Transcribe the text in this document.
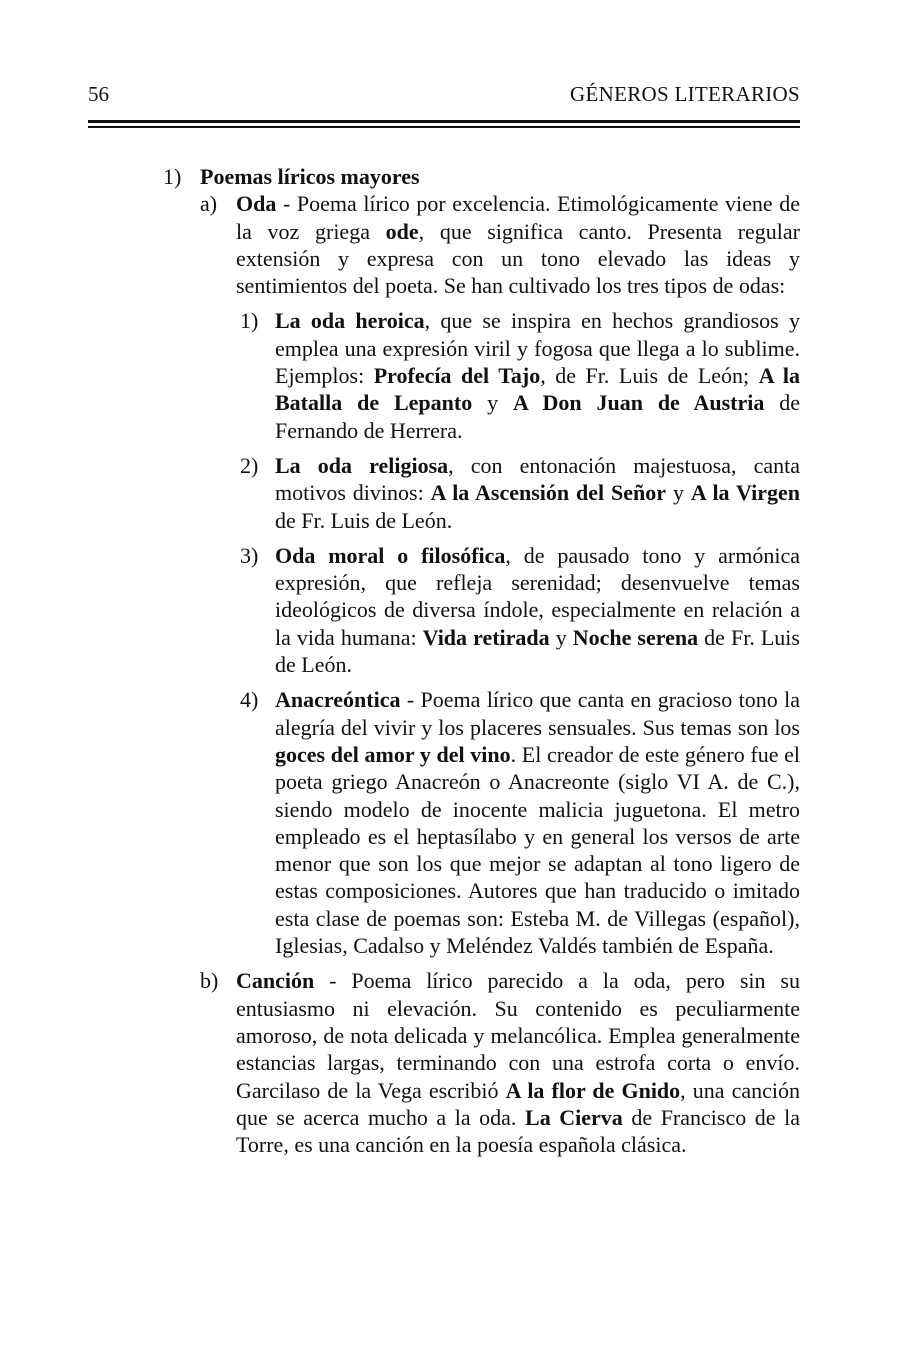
56	GÉNEROS LITERARIOS
1) Poemas líricos mayores
a) Oda - Poema lírico por excelencia. Etimológicamente viene de la voz griega ode, que significa canto. Presenta regular extensión y expresa con un tono elevado las ideas y sentimientos del poeta. Se han cultivado los tres tipos de odas:
1) La oda heroica, que se inspira en hechos grandiosos y emplea una expresión viril y fogosa que llega a lo sublime. Ejemplos: Profecía del Tajo, de Fr. Luis de León; A la Batalla de Lepanto y A Don Juan de Austria de Fernando de Herrera.
2) La oda religiosa, con entonación majestuosa, canta motivos divinos: A la Ascensión del Señor y A la Virgen de Fr. Luis de León.
3) Oda moral o filosófica, de pausado tono y armónica expresión, que refleja serenidad; desenvuelve temas ideológicos de diversa índole, especialmente en relación a la vida humana: Vida retirada y Noche serena de Fr. Luis de León.
4) Anacreóntica - Poema lírico que canta en gracioso tono la alegría del vivir y los placeres sensuales. Sus temas son los goces del amor y del vino. El creador de este género fue el poeta griego Anacreón o Anacreonte (siglo VI A. de C.), siendo modelo de inocente malicia juguetona. El metro empleado es el heptasílabo y en general los versos de arte menor que son los que mejor se adaptan al tono ligero de estas composiciones. Autores que han traducido o imitado esta clase de poemas son: Esteba M. de Villegas (español), Iglesias, Cadalso y Meléndez Valdés también de España.
b) Canción - Poema lírico parecido a la oda, pero sin su entusiasmo ni elevación. Su contenido es peculiarmente amoroso, de nota delicada y melancólica. Emplea generalmente estancias largas, terminando con una estrofa corta o envío. Garcilaso de la Vega escribió A la flor de Gnido, una canción que se acerca mucho a la oda. La Cierva de Francisco de la Torre, es una canción en la poesía española clásica.
